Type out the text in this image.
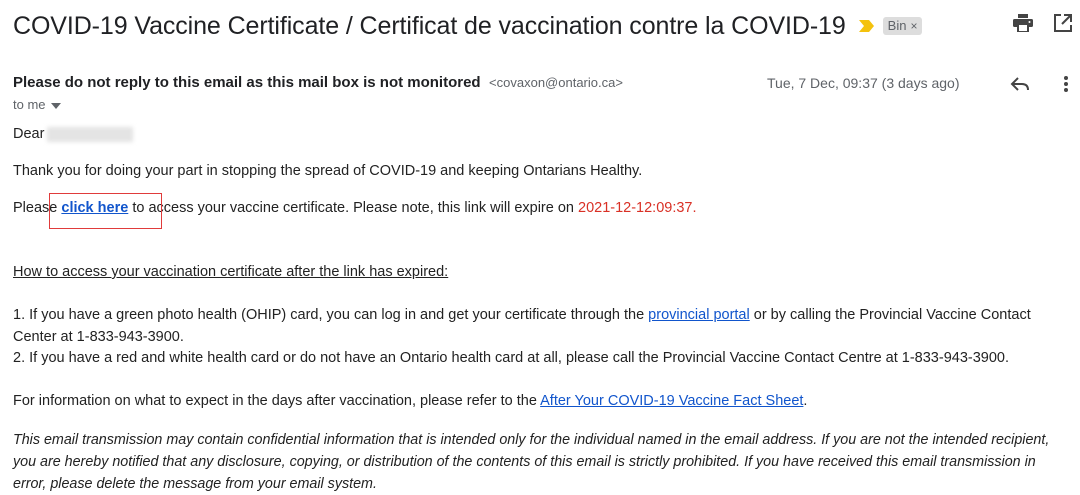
COVID-19 Vaccine Certificate / Certificat de vaccination contre la COVID-19	Bin ×
Please do not reply to this email as this mail box is not monitored <covaxon@ontario.ca>	Tue, 7 Dec, 09:37 (3 days ago)
to me
Dear
Thank you for doing your part in stopping the spread of COVID-19 and keeping Ontarians Healthy.
Please click here to access your vaccine certificate. Please note, this link will expire on 2021-12-12:09:37.
How to access your vaccination certificate after the link has expired:
1. If you have a green photo health (OHIP) card, you can log in and get your certificate through the provincial portal or by calling the Provincial Vaccine Contact
Center at 1-833-943-3900.
2. If you have a red and white health card or do not have an Ontario health card at all, please call the Provincial Vaccine Contact Centre at 1-833-943-3900.
For information on what to expect in the days after vaccination, please refer to the After Your COVID-19 Vaccine Fact Sheet.
This email transmission may contain confidential information that is intended only for the individual named in the email address. If you are not the intended recipient,
you are hereby notified that any disclosure, copying, or distribution of the contents of this email is strictly prohibited. If you have received this email transmission in
error, please delete the message from your email system.
